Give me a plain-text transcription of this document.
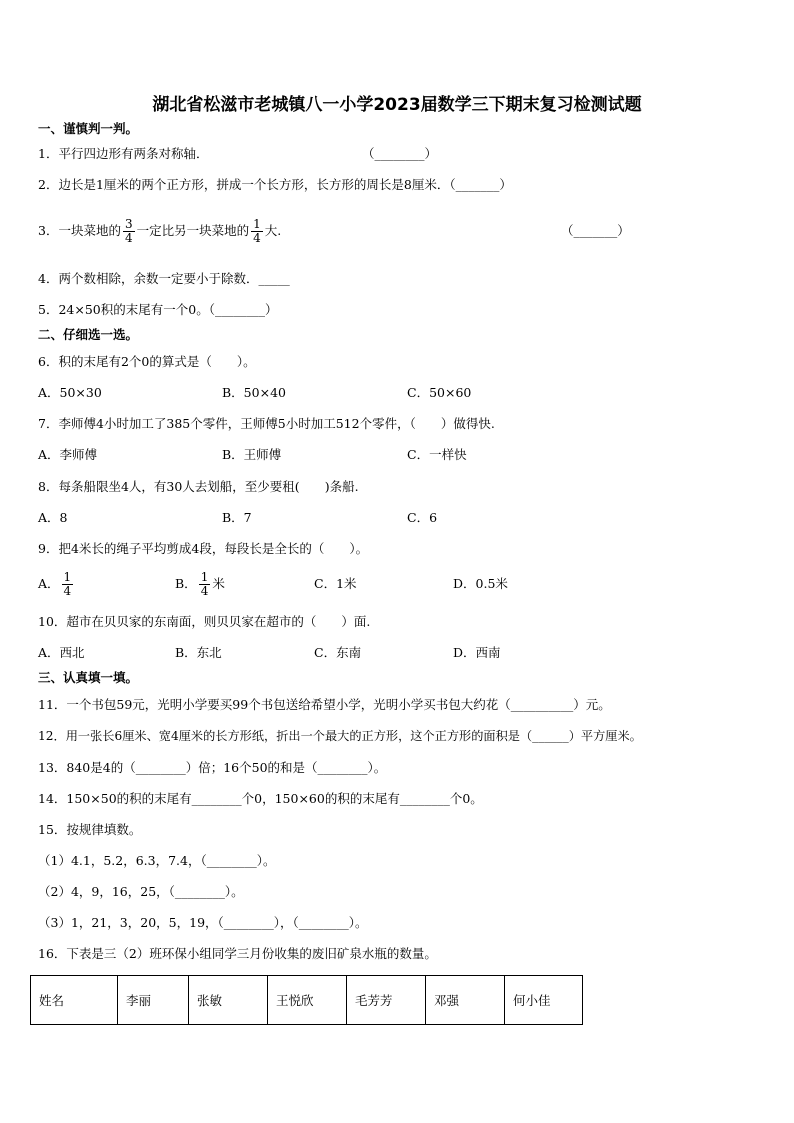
湖北省松滋市老城镇八一小学2023届数学三下期末复习检测试题
一、谨慎判一判。
1．平行四边形有两条对称轴．	（________）
2．边长是1厘米的两个正方形，拼成一个长方形，长方形的周长是8厘米．（_______）
3．一块菜地的 $\frac{3}{4}$ 一定比另一块菜地的 $\frac{1}{4}$ 大.	（_______）
4．两个数相除，余数一定要小于除数．_____
5．24×50积的末尾有一个0。（________）
二、仔细选一选。
6．积的末尾有2个0的算式是（　　）。
A．50×30	B．50×40	C．50×60
7．李师傅4小时加工了385个零件，王师傅5小时加工512个零件，（　　）做得快.
A．李师傅	B．王师傅	C．一样快
8．每条船限坐4人，有30人去划船，至少要租(　　)条船.
A．8	B．7	C．6
9．把4米长的绳子平均剪成4段，每段长是全长的（　　）。
A． $\frac{1}{4}$	B． $\frac{1}{4}$ 米	C．1米	D．0.5米
10．超市在贝贝家的东南面，则贝贝家在超市的（　　）面.
A．西北	B．东北	C．东南	D．西南
三、认真填一填。
11．一个书包59元，光明小学要买99个书包送给希望小学，光明小学买书包大约花（__________）元。
12．用一张长6厘米、宽4厘米的长方形纸，折出一个最大的正方形，这个正方形的面积是（______）平方厘米。
13．840是4的（________）倍；16个50的和是（________）。
14．150×50的积的末尾有________个0，150×60的积的末尾有________个0。
15．按规律填数。
（1）4.1，5.2，6.3，7.4，（________）。
（2）4，9，16，25，（________）。
（3）1，21，3，20，5，19，（________），（________）。
16．下表是三（2）班环保小组同学三月份收集的废旧矿泉水瓶的数量。
姓名	李丽	张敏	王悦欣	毛芳芳	邓强	何小佳
